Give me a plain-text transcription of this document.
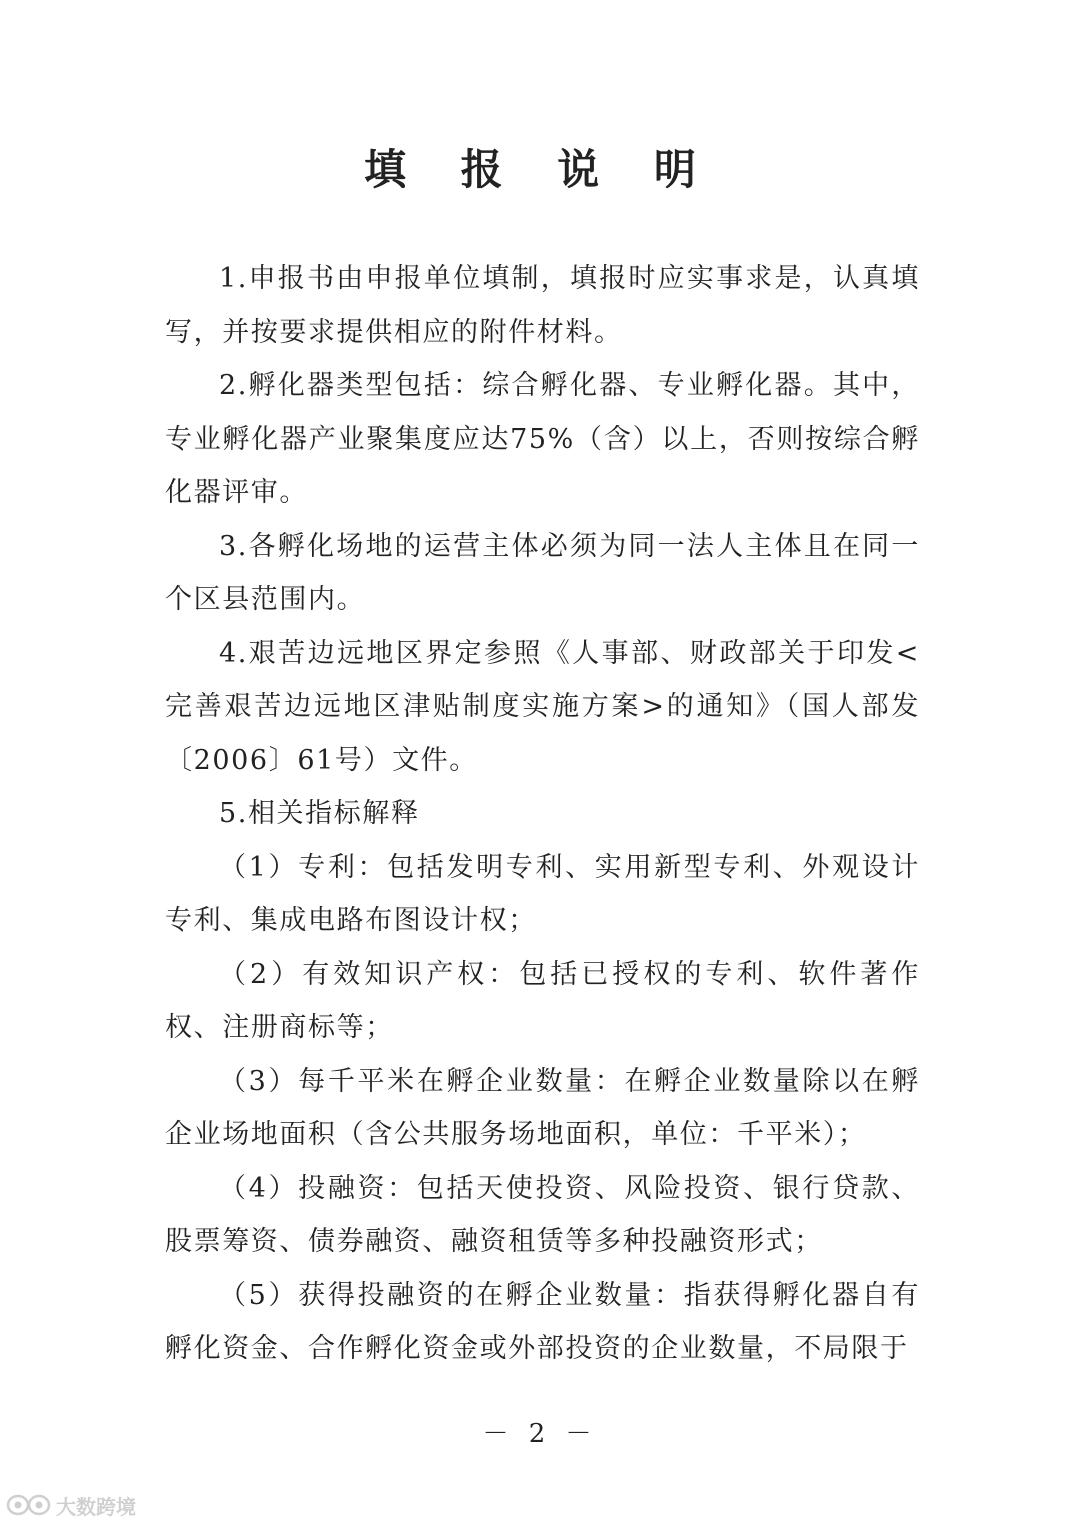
填 报 说 明

1.申报书由申报单位填制，填报时应实事求是，认真填写，并按要求提供相应的附件材料。

2.孵化器类型包括：综合孵化器、专业孵化器。其中，专业孵化器产业聚集度应达75%（含）以上，否则按综合孵化器评审。

3.各孵化场地的运营主体必须为同一法人主体且在同一个区县范围内。

4.艰苦边远地区界定参照《人事部、财政部关于印发<完善艰苦边远地区津贴制度实施方案>的通知》（国人部发〔2006〕61号）文件。

5.相关指标解释

（1）专利：包括发明专利、实用新型专利、外观设计专利、集成电路布图设计权；

（2）有效知识产权：包括已授权的专利、软件著作权、注册商标等；

（3）每千平米在孵企业数量：在孵企业数量除以在孵企业场地面积（含公共服务场地面积，单位：千平米）；

（4）投融资：包括天使投资、风险投资、银行贷款、股票筹资、债券融资、融资租赁等多种投融资形式；

（5）获得投融资的在孵企业数量：指获得孵化器自有孵化资金、合作孵化资金或外部投资的企业数量，不局限于

－ 2 －
大数跨境
